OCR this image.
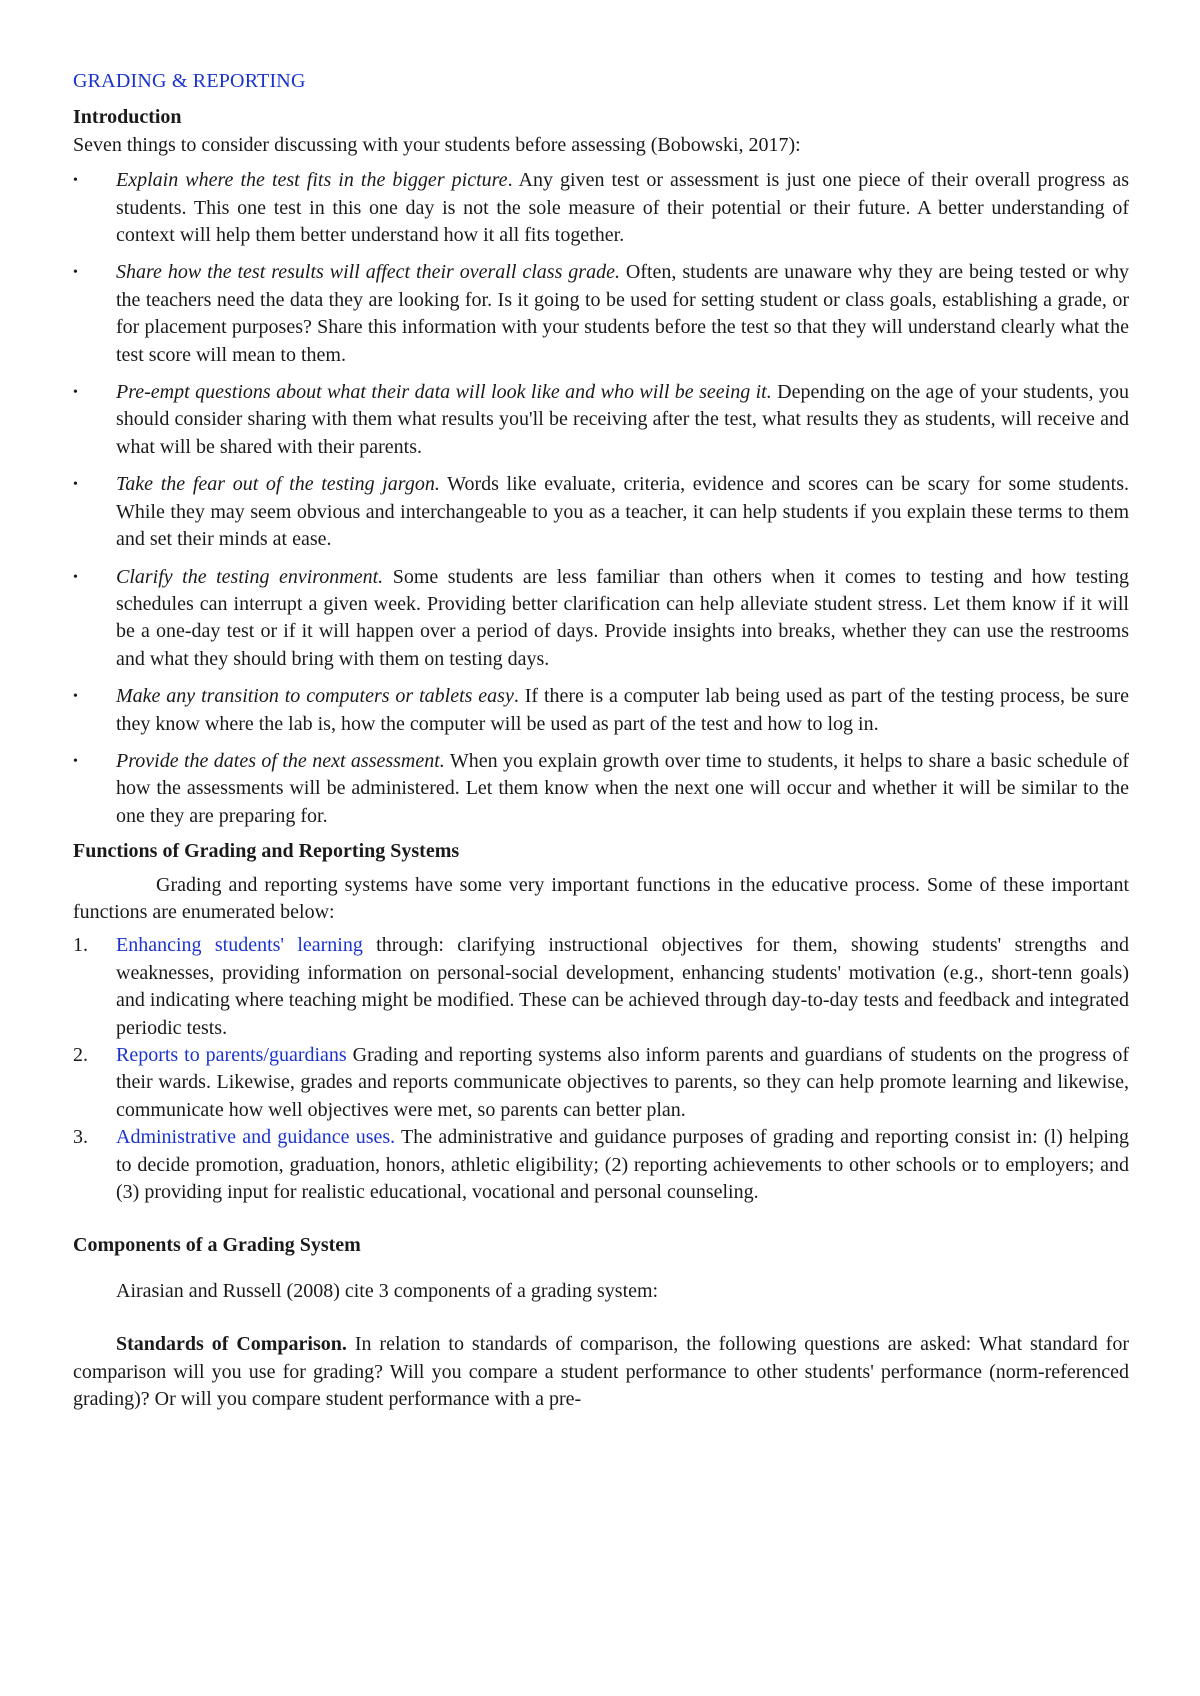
GRADING & REPORTING
Introduction

Seven things to consider discussing with your students before assessing (Bobowski, 2017):

• Explain where the test fits in the bigger picture. Any given test or assessment is just one piece of their overall progress as students. This one test in this one day is not the sole measure of their potential or their future. A better understanding of context will help them better understand how it all fits together.
• Share how the test results will affect their overall class grade. Often, students are unaware why they are being tested or why the teachers need the data they are looking for. Is it going to be used for setting student or class goals, establishing a grade, or for placement purposes? Share this information with your students before the test so that they will understand clearly what the test score will mean to them.
• Pre-empt questions about what their data will look like and who will be seeing it. Depending on the age of your students, you should consider sharing with them what results you'll be receiving after the test, what results they as students, will receive and what will be shared with their parents.
• Take the fear out of the testing jargon. Words like evaluate, criteria, evidence and scores can be scary for some students. While they may seem obvious and interchangeable to you as a teacher, it can help students if you explain these terms to them and set their minds at ease.
• Clarify the testing environment. Some students are less familiar than others when it comes to testing and how testing schedules can interrupt a given week. Providing better clarification can help alleviate student stress. Let them know if it will be a one-day test or if it will happen over a period of days. Provide insights into breaks, whether they can use the restrooms and what they should bring with them on testing days.
• Make any transition to computers or tablets easy. If there is a computer lab being used as part of the testing process, be sure they know where the lab is, how the computer will be used as part of the test and how to log in.
• Provide the dates of the next assessment. When you explain growth over time to students, it helps to share a basic schedule of how the assessments will be administered. Let them know when the next one will occur and whether it will be similar to the one they are preparing for.
Functions of Grading and Reporting Systems

Grading and reporting systems have some very important functions in the educative process. Some of these important functions are enumerated below:

1. Enhancing students' learning through: clarifying instructional objectives for them, showing students' strengths and weaknesses, providing information on personal-social development, enhancing students' motivation (e.g., short-tenn goals) and indicating where teaching might be modified. These can be achieved through day-to-day tests and feedback and integrated periodic tests.
2. Reports to parents/guardians Grading and reporting systems also inform parents and guardians of students on the progress of their wards. Likewise, grades and reports communicate objectives to parents, so they can help promote learning and likewise, communicate how well objectives were met, so parents can better plan.
3. Administrative and guidance uses. The administrative and guidance purposes of grading and reporting consist in: (l) helping to decide promotion, graduation, honors, athletic eligibility; (2) reporting achievements to other schools or to employers; and (3) providing input for realistic educational, vocational and personal counseling.
Components of a Grading System

Airasian and Russell (2008) cite 3 components of a grading system:

Standards of Comparison. In relation to standards of comparison, the following questions are asked: What standard for comparison will you use for grading? Will you compare a student performance to other students' performance (norm-referenced grading)? Or will you compare student performance with a pre-
